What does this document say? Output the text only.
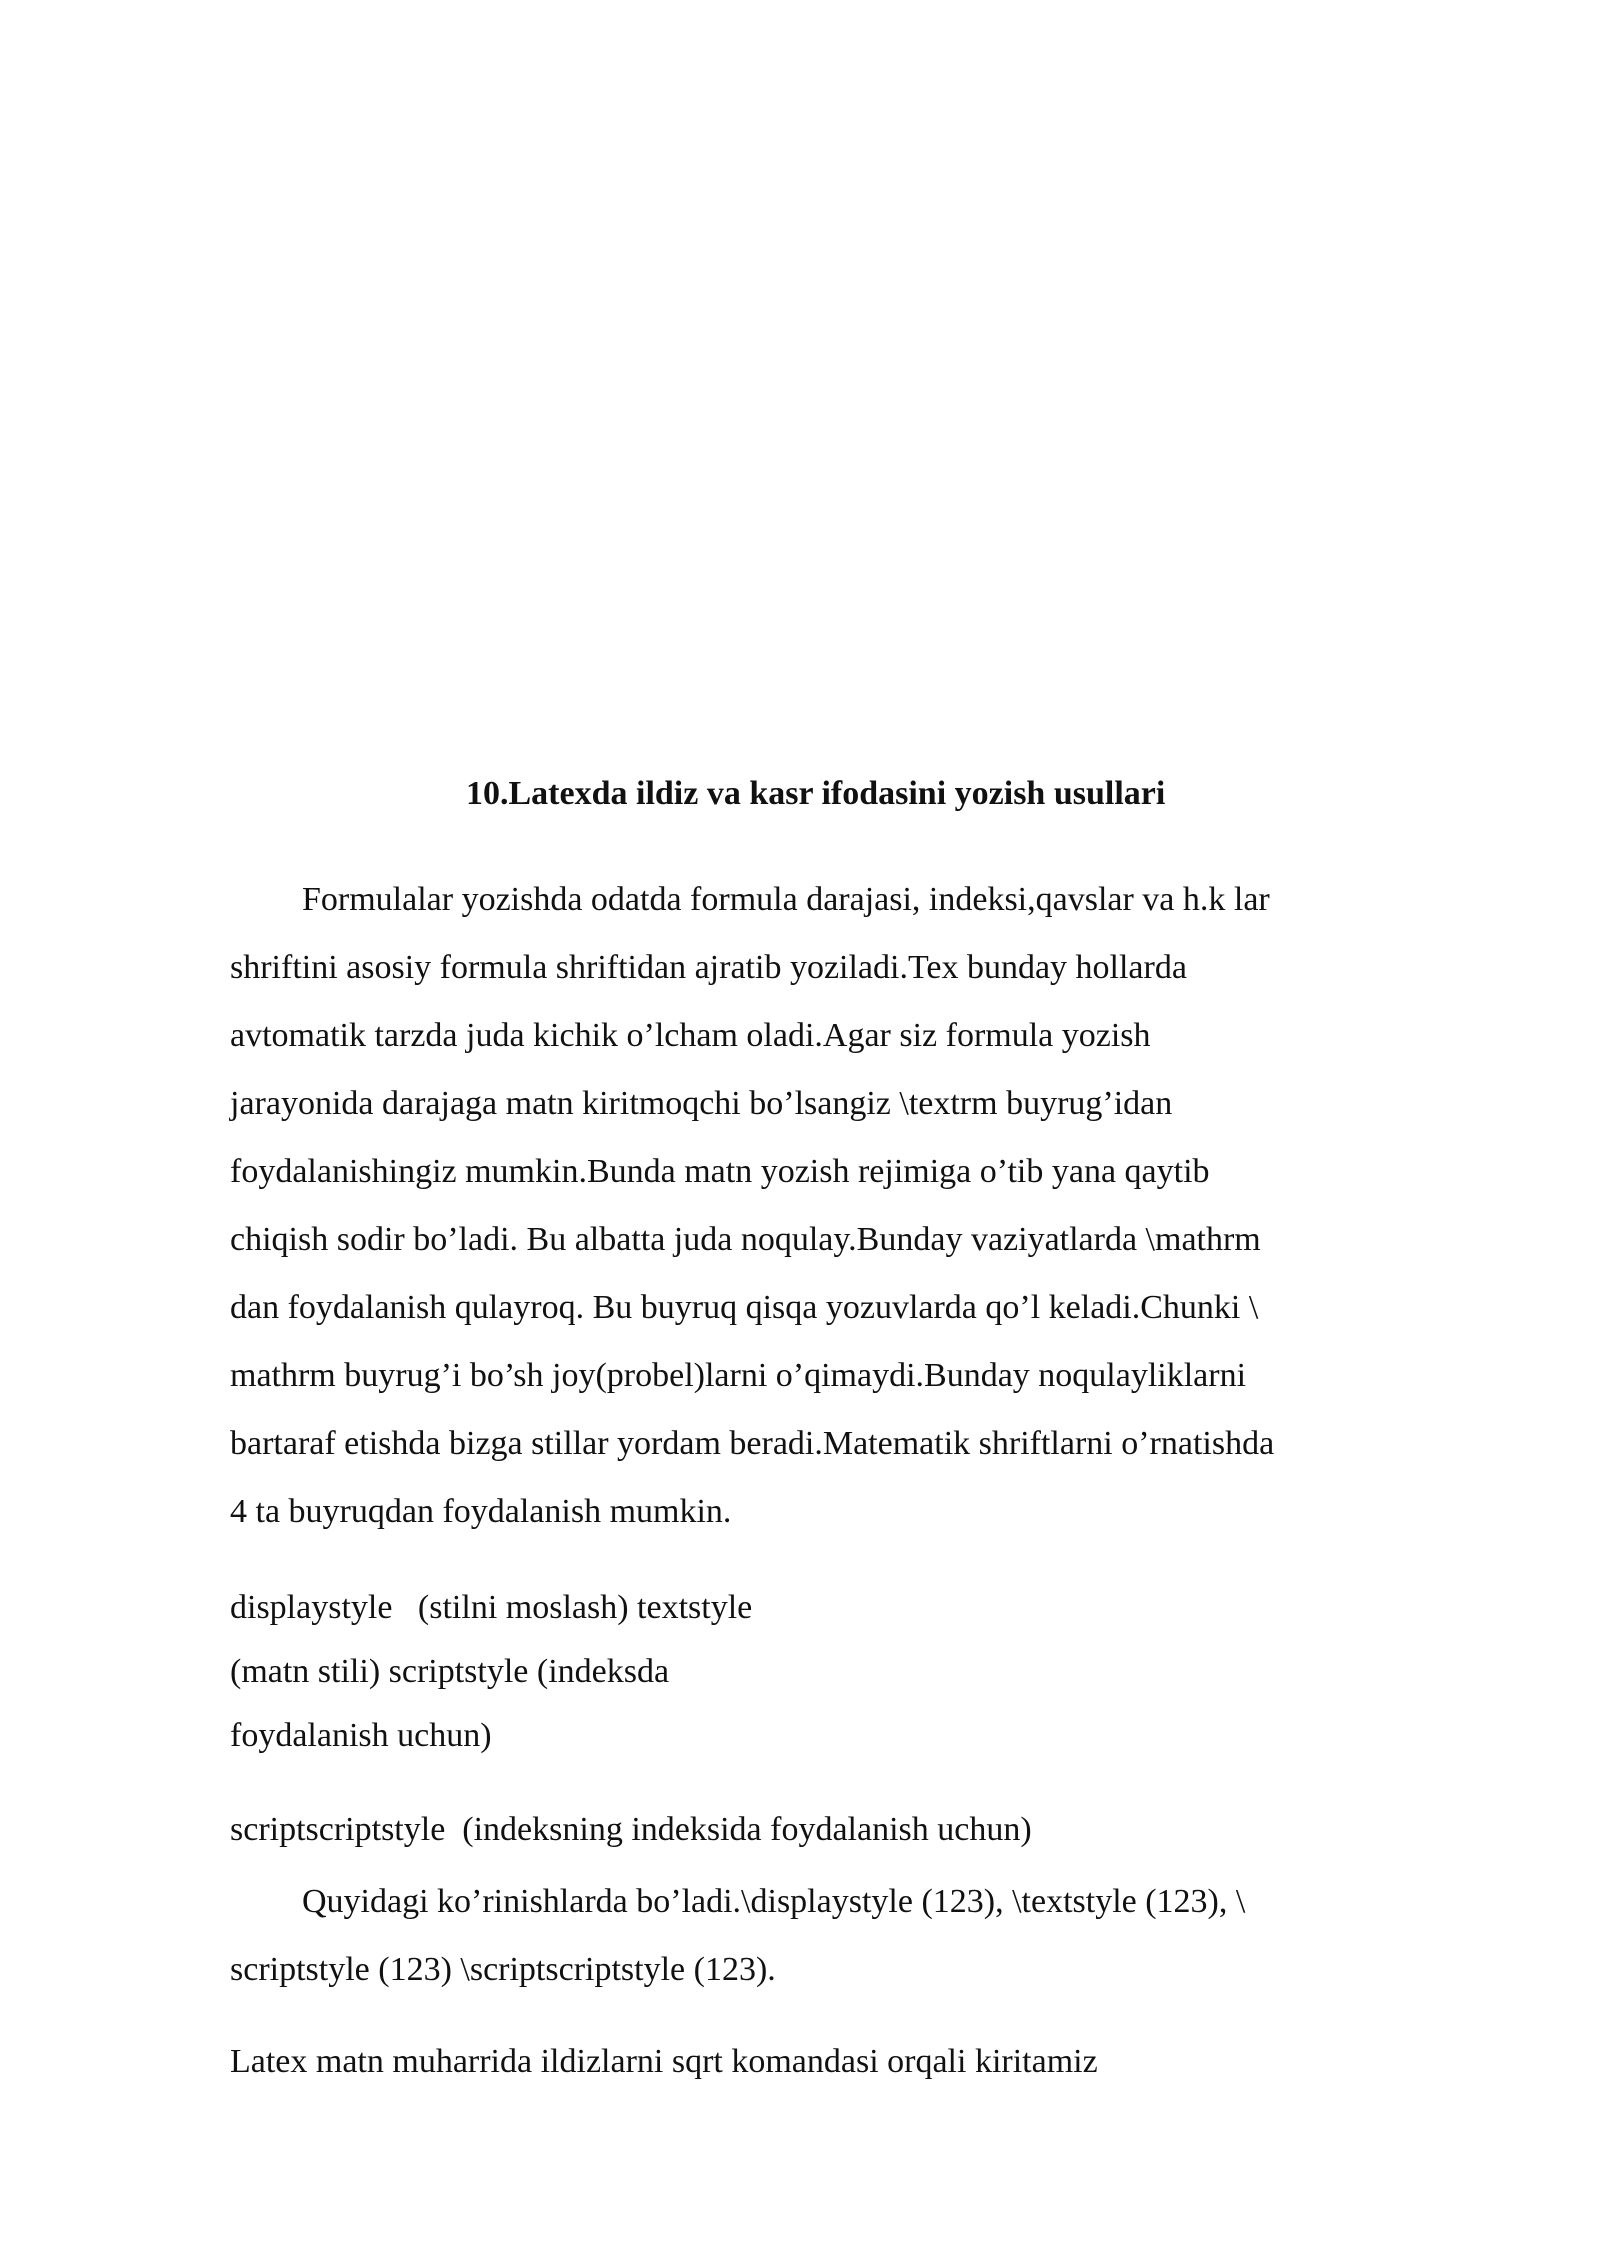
10.Latexda ildiz va kasr ifodasini yozish usullari
Formulalar yozishda odatda formula darajasi, indeksi,qavslar va h.k lar
shriftini asosiy formula shriftidan ajratib yoziladi.Tex bunday hollarda
avtomatik tarzda juda kichik o’lcham oladi.Agar siz formula yozish
jarayonida darajaga matn kiritmoqchi bo’lsangiz \textrm buyrug’idan
foydalanishingiz mumkin.Bunda matn yozish rejimiga o’tib yana qaytib
chiqish sodir bo’ladi. Bu albatta juda noqulay.Bunday vaziyatlarda \mathrm
dan foydalanish qulayroq. Bu buyruq qisqa yozuvlarda qo’l keladi.Chunki \
mathrm buyrug’i bo’sh joy(probel)larni o’qimaydi.Bunday noqulayliklarni
bartaraf etishda bizga stillar yordam beradi.Matematik shriftlarni o’rnatishda
4 ta buyruqdan foydalanish mumkin.
displaystyle   (stilni moslash) textstyle
(matn stili) scriptstyle (indeksda
foydalanish uchun)
scriptscriptstyle  (indeksning indeksida foydalanish uchun)
Quyidagi ko’rinishlarda bo’ladi.\displaystyle (123), \textstyle (123), \
scriptstyle (123) \scriptscriptstyle (123).
Latex matn muharrida ildizlarni sqrt komandasi orqali kiritamiz
